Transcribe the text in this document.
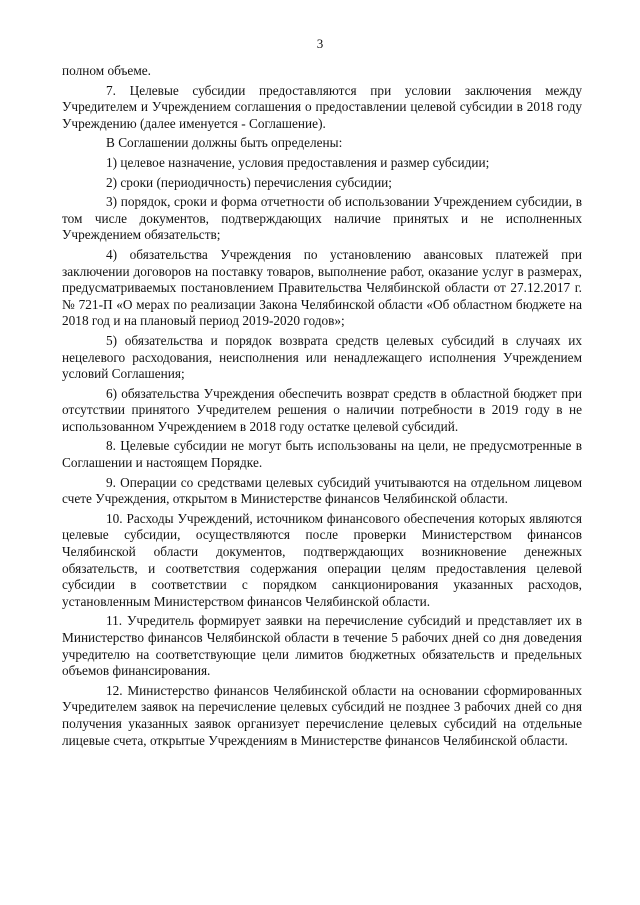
3

полном объеме.

7. Целевые субсидии предоставляются при условии заключения между Учредителем и Учреждением соглашения о предоставлении целевой субсидии в 2018 году Учреждению (далее именуется - Соглашение).

В Соглашении должны быть определены:

1) целевое назначение, условия предоставления и размер субсидии;

2) сроки (периодичность) перечисления субсидии;

3) порядок, сроки и форма отчетности об использовании Учреждением субсидии, в том числе документов, подтверждающих наличие принятых и не исполненных Учреждением обязательств;

4) обязательства Учреждения по установлению авансовых платежей при заключении договоров на поставку товаров, выполнение работ, оказание услуг в размерах, предусматриваемых постановлением Правительства Челябинской области от 27.12.2017 г. № 721-П «О мерах по реализации Закона Челябинской области «Об областном бюджете на 2018 год и на плановый период 2019-2020 годов»;

5) обязательства и порядок возврата средств целевых субсидий в случаях их нецелевого расходования, неисполнения или ненадлежащего исполнения Учреждением условий Соглашения;

6) обязательства Учреждения обеспечить возврат средств в областной бюджет при отсутствии принятого Учредителем решения о наличии потребности в 2019 году в не использованном Учреждением в 2018 году остатке целевой субсидий.

8. Целевые субсидии не могут быть использованы на цели, не предусмотренные в Соглашении и настоящем Порядке.

9. Операции со средствами целевых субсидий учитываются на отдельном лицевом счете Учреждения, открытом в Министерстве финансов Челябинской области.

10. Расходы Учреждений, источником финансового обеспечения которых являются целевые субсидии, осуществляются после проверки Министерством финансов Челябинской области документов, подтверждающих возникновение денежных обязательств, и соответствия содержания операции целям предоставления целевой субсидии в соответствии с порядком санкционирования указанных расходов, установленным Министерством финансов Челябинской области.

11. Учредитель формирует заявки на перечисление субсидий и представляет их в Министерство финансов Челябинской области в течение 5 рабочих дней со дня доведения учредителю на соответствующие цели лимитов бюджетных обязательств и предельных объемов финансирования.

12. Министерство финансов Челябинской области на основании сформированных Учредителем заявок на перечисление целевых субсидий не позднее 3 рабочих дней со дня получения указанных заявок организует перечисление целевых субсидий на отдельные лицевые счета, открытые Учреждениям в Министерстве финансов Челябинской области.
